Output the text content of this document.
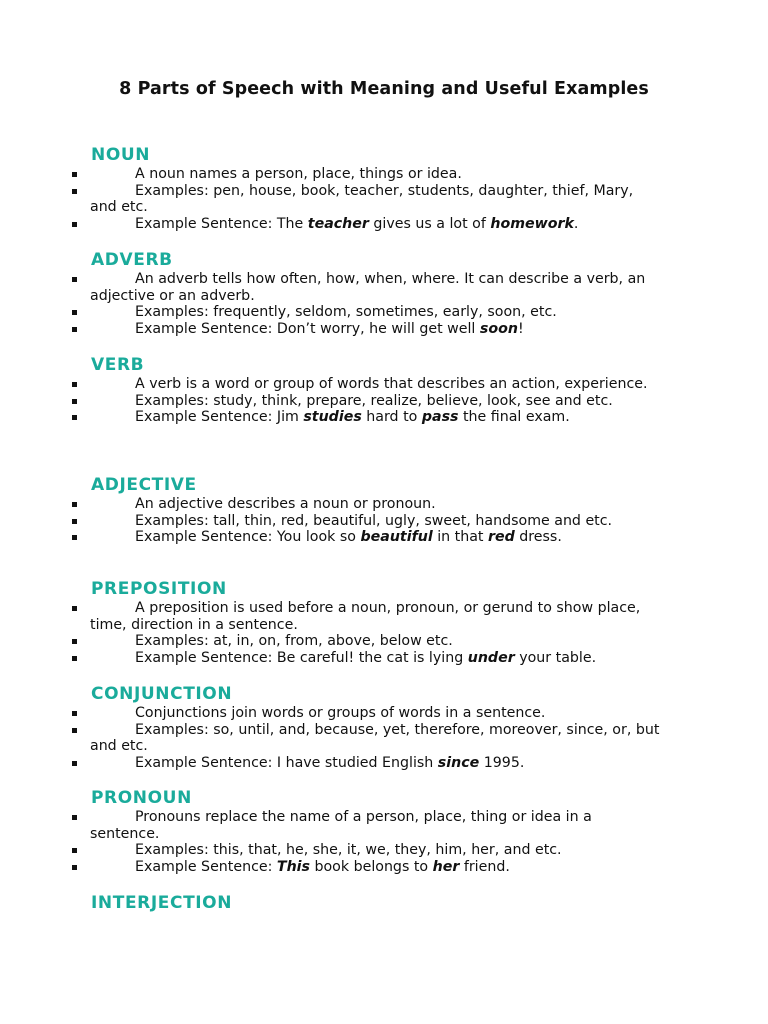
8 Parts of Speech with Meaning and Useful Examples
NOUN
A noun names a person, place, things or idea.
Examples: pen, house, book, teacher, students, daughter, thief, Mary, and etc.
Example Sentence: The teacher gives us a lot of homework.
ADVERB
An adverb tells how often, how, when, where. It can describe a verb, an adjective or an adverb.
Examples: frequently, seldom, sometimes, early, soon, etc.
Example Sentence: Don’t worry, he will get well soon!
VERB
A verb is a word or group of words that describes an action, experience.
Examples: study, think, prepare, realize, believe, look, see and etc.
Example Sentence: Jim studies hard to pass the final exam.
ADJECTIVE
An adjective describes a noun or pronoun.
Examples: tall, thin, red, beautiful, ugly, sweet, handsome and etc.
Example Sentence: You look so beautiful in that red dress.
PREPOSITION
A preposition is used before a noun, pronoun, or gerund to show place, time, direction in a sentence.
Examples: at, in, on, from, above, below etc.
Example Sentence: Be careful! the cat is lying under your table.
CONJUNCTION
Conjunctions join words or groups of words in a sentence.
Examples: so, until, and, because, yet, therefore, moreover, since, or, but and etc.
Example Sentence: I have studied English since 1995.
PRONOUN
Pronouns replace the name of a person, place, thing or idea in a sentence.
Examples: this, that, he, she, it, we, they, him, her, and etc.
Example Sentence: This book belongs to her friend.
INTERJECTION
